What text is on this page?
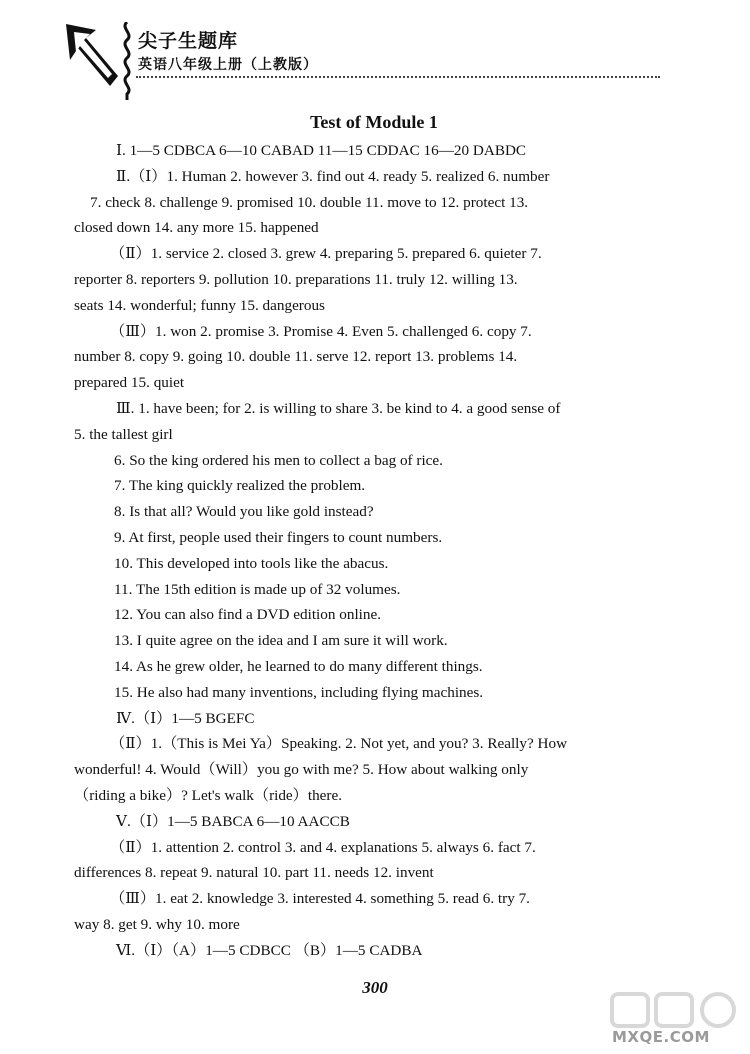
尖子生题库
英语八年级上册（上教版）
Test of Module 1

Ⅰ. 1—5 CDBCA 6—10 CABAD 11—15 CDDAC 16—20 DABDC

Ⅱ.（Ⅰ）1. Human 2. however 3. find out 4. ready 5. realized 6. number

7. check 8. challenge 9. promised 10. double 11. move to 12. protect 13.

closed down 14. any more 15. happened

（Ⅱ）1. service 2. closed 3. grew 4. preparing 5. prepared 6. quieter 7.

reporter 8. reporters 9. pollution 10. preparations 11. truly 12. willing 13.

seats 14. wonderful; funny 15. dangerous

（Ⅲ）1. won 2. promise 3. Promise 4. Even 5. challenged 6. copy 7.

number 8. copy 9. going 10. double 11. serve 12. report 13. problems 14.

prepared 15. quiet

Ⅲ. 1. have been; for 2. is willing to share 3. be kind to 4. a good sense of

5. the tallest girl

6. So the king ordered his men to collect a bag of rice.

7. The king quickly realized the problem.

8. Is that all? Would you like gold instead?

9. At first, people used their fingers to count numbers.

10. This developed into tools like the abacus.

11. The 15th edition is made up of 32 volumes.

12. You can also find a DVD edition online.

13. I quite agree on the idea and I am sure it will work.

14. As he grew older, he learned to do many different things.

15. He also had many inventions, including flying machines.

Ⅳ.（Ⅰ）1—5 BGEFC

（Ⅱ）1.（This is Mei Ya）Speaking. 2. Not yet, and you? 3. Really? How

wonderful! 4. Would（Will）you go with me? 5. How about walking only

（riding a bike）? Let's walk（ride）there.

Ⅴ.（Ⅰ）1—5 BABCA 6—10 AACCB

（Ⅱ）1. attention 2. control 3. and 4. explanations 5. always 6. fact 7.

differences 8. repeat 9. natural 10. part 11. needs 12. invent

（Ⅲ）1. eat 2. knowledge 3. interested 4. something 5. read 6. try 7.

way 8. get 9. why 10. more

Ⅵ.（Ⅰ）（A）1—5 CDBCC （B）1—5 CADBA

300
MXQE.COM
